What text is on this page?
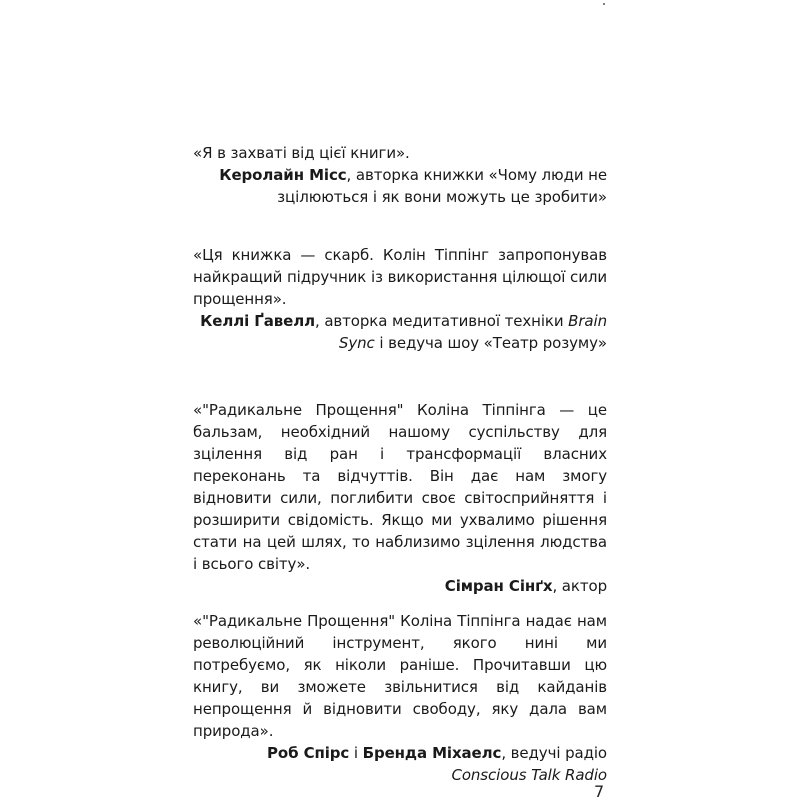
«Я в захваті від цієї книги».

Керолайн Місс, авторка книжки «Чому люди не зцілюються і як вони можуть це зробити»

«Ця книжка — скарб. Колін Тіппінг запропонував найкращий підручник із використання цілющої сили прощення».

Келлі Ґавелл, авторка медитативної техніки Brain Sync і ведуча шоу «Театр розуму»

«"Радикальне Прощення" Коліна Тіппінга — це бальзам, необхідний нашому суспільству для зцілення від ран і трансформації власних переконань та відчуттів. Він дає нам змогу відновити сили, поглибити своє світосприйняття і розширити свідомість. Якщо ми ухвалимо рішення стати на цей шлях, то наблизимо зцілення людства і всього світу».

Сімран Сінґх, актор

«"Радикальне Прощення" Коліна Тіппінга надає нам революційний інструмент, якого нині ми потребуємо, як ніколи раніше. Прочитавши цю книгу, ви зможете звільнитися від кайданів непрощення й відновити свободу, яку дала вам природа».

Роб Спірс і Бренда Міхаелс, ведучі радіо Conscious Talk Radio

7
